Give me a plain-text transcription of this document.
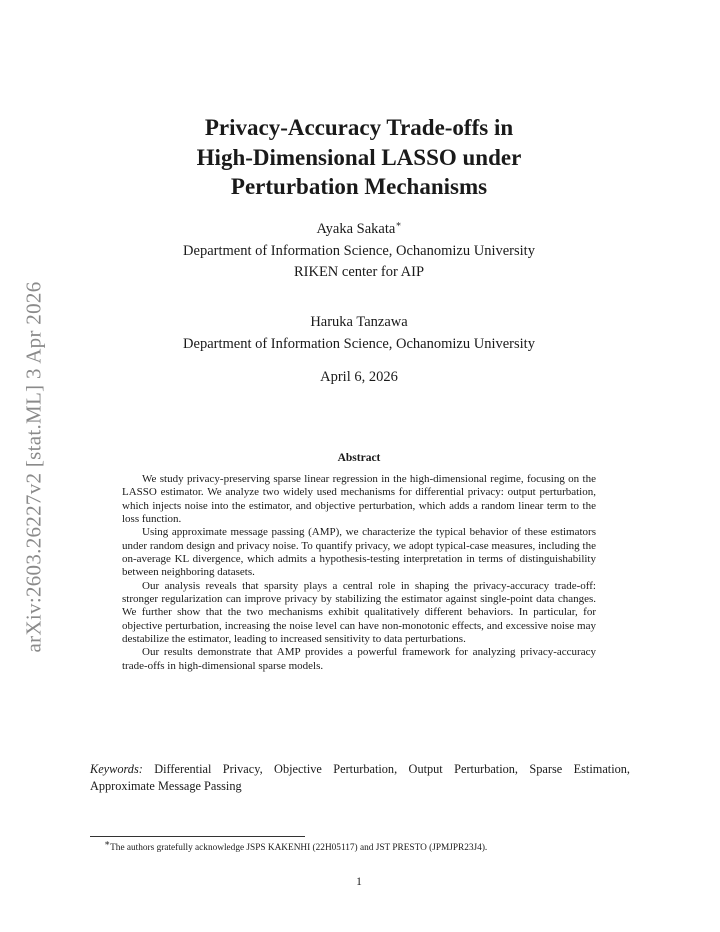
arXiv:2603.26227v2 [stat.ML] 3 Apr 2026
Privacy-Accuracy Trade-offs in
High-Dimensional LASSO under
Perturbation Mechanisms
Ayaka Sakata∗
Department of Information Science, Ochanomizu University
RIKEN center for AIP
Haruka Tanzawa
Department of Information Science, Ochanomizu University
April 6, 2026
Abstract

We study privacy-preserving sparse linear regression in the high-dimensional regime, focusing on the LASSO estimator. We analyze two widely used mechanisms for differential privacy: output perturbation, which injects noise into the estimator, and objective perturbation, which adds a random linear term to the loss function.

Using approximate message passing (AMP), we characterize the typical behavior of these estimators under random design and privacy noise. To quantify privacy, we adopt typical-case measures, including the on-average KL divergence, which admits a hypothesis-testing interpretation in terms of distinguishability between neighboring datasets.

Our analysis reveals that sparsity plays a central role in shaping the privacy-accuracy trade-off: stronger regularization can improve privacy by stabilizing the estimator against single-point data changes. We further show that the two mechanisms exhibit qualitatively different behaviors. In particular, for objective perturbation, increasing the noise level can have non-monotonic effects, and excessive noise may destabilize the estimator, leading to increased sensitivity to data perturbations.

Our results demonstrate that AMP provides a powerful framework for analyzing privacy-accuracy trade-offs in high-dimensional sparse models.

Keywords: Differential Privacy, Objective Perturbation, Output Perturbation, Sparse Estimation, Approximate Message Passing
∗The authors gratefully acknowledge JSPS KAKENHI (22H05117) and JST PRESTO (JPMJPR23J4).
1
